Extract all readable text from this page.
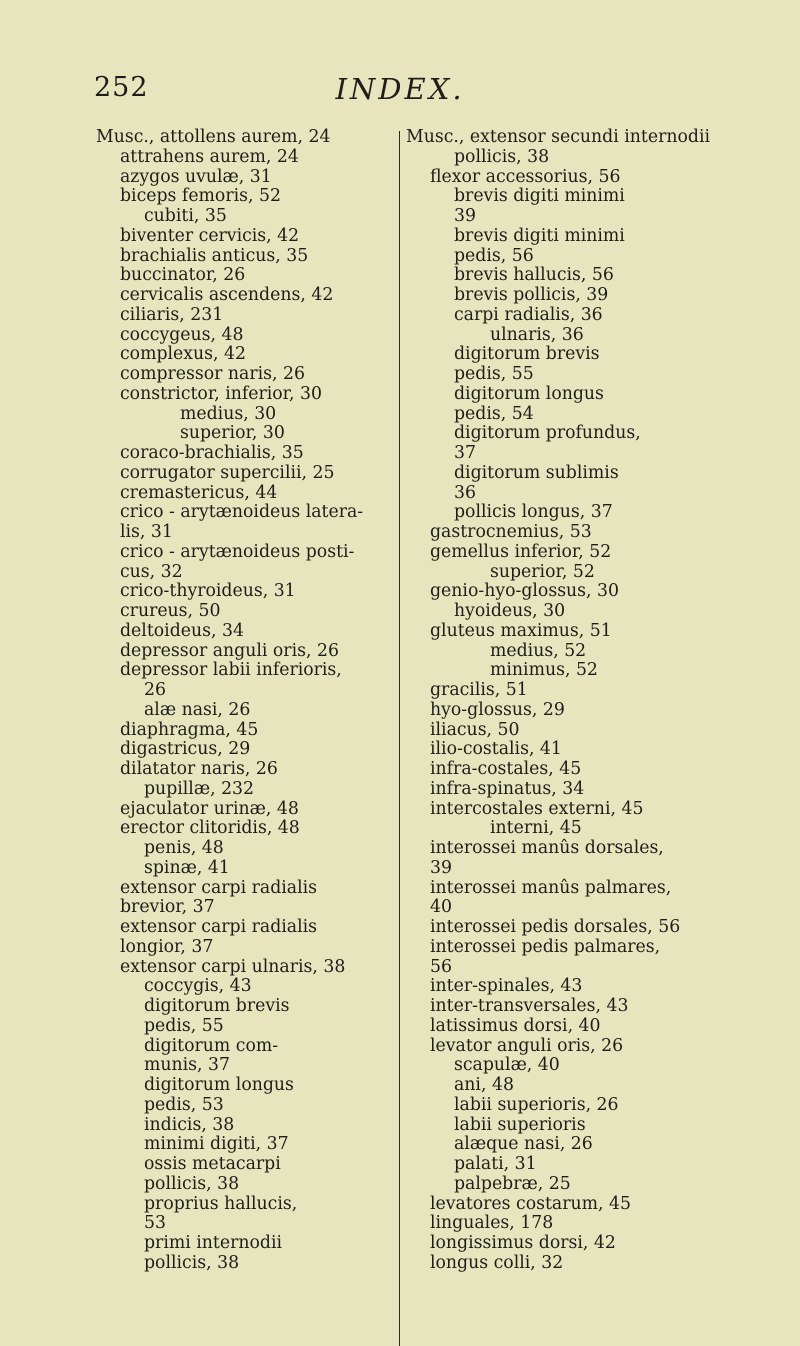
252	INDEX.
Musc., attollens aurem, 24
attrahens aurem, 24
azygos uvulæ, 31
biceps femoris, 52
cubiti, 35
biventer cervicis, 42
brachialis anticus, 35
buccinator, 26
cervicalis ascendens, 42
ciliaris, 231
coccygeus, 48
complexus, 42
compressor naris, 26
constrictor, inferior, 30
medius, 30
superior, 30
coraco-brachialis, 35
corrugator supercilii, 25
cremastericus, 44
crico - arytænoideus latera-
lis, 31
crico - arytænoideus posti-
cus, 32
crico-thyroideus, 31
crureus, 50
deltoideus, 34
depressor anguli oris, 26
depressor labii inferioris,
26
alæ nasi, 26
diaphragma, 45
digastricus, 29
dilatator naris, 26
pupillæ, 232
ejaculator urinæ, 48
erector clitoridis, 48
penis, 48
spinæ, 41
extensor carpi radialis
brevior, 37
extensor carpi radialis
longior, 37
extensor carpi ulnaris, 38
coccygis, 43
digitorum brevis
pedis, 55
digitorum com-
munis, 37
digitorum longus
pedis, 53
indicis, 38
minimi digiti, 37
ossis metacarpi
pollicis, 38
proprius hallucis,
53
primi internodii
pollicis, 38
Musc., extensor secundi internodii
pollicis, 38
flexor accessorius, 56
brevis digiti minimi
39
brevis digiti minimi
pedis, 56
brevis hallucis, 56
brevis pollicis, 39
carpi radialis, 36
ulnaris, 36
digitorum brevis
pedis, 55
digitorum longus
pedis, 54
digitorum profundus,
37
digitorum sublimis
36
pollicis longus, 37
gastrocnemius, 53
gemellus inferior, 52
superior, 52
genio-hyo-glossus, 30
hyoideus, 30
gluteus maximus, 51
medius, 52
minimus, 52
gracilis, 51
hyo-glossus, 29
iliacus, 50
ilio-costalis, 41
infra-costales, 45
infra-spinatus, 34
intercostales externi, 45
interni, 45
interossei manûs dorsales,
39
interossei manûs palmares,
40
interossei pedis dorsales, 56
interossei pedis palmares,
56
inter-spinales, 43
inter-transversales, 43
latissimus dorsi, 40
levator anguli oris, 26
scapulæ, 40
ani, 48
labii superioris, 26
labii superioris
alæque nasi, 26
palati, 31
palpebræ, 25
levatores costarum, 45
linguales, 178
longissimus dorsi, 42
longus colli, 32
